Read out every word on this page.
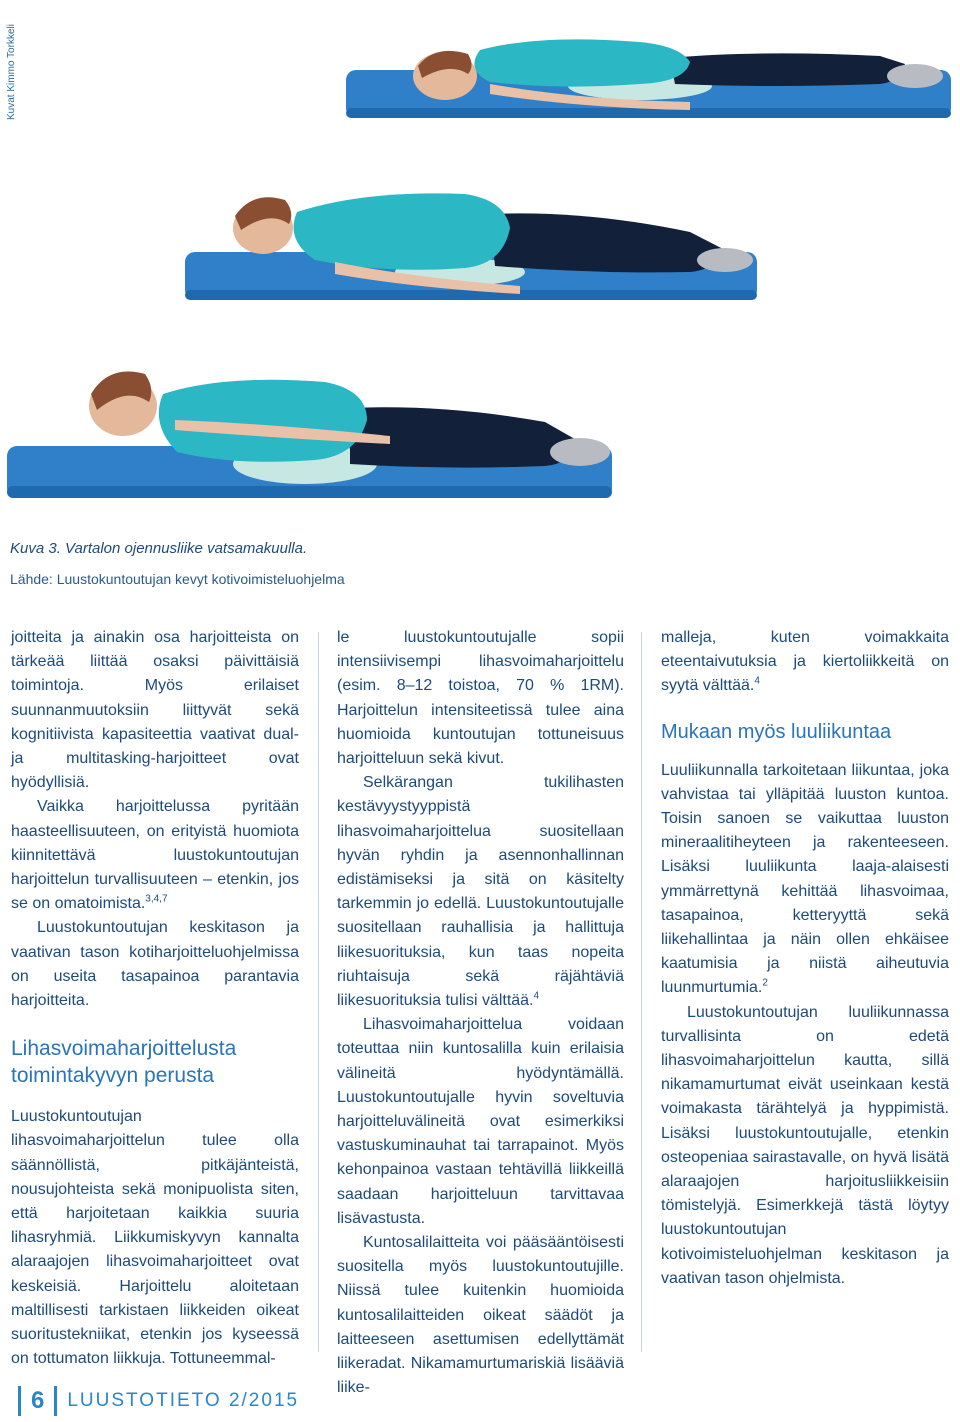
Kuvat Kimmo Torkkeli
Kuva 3. Vartalon ojennusliike vatsamakuulla.
Lähde: Luustokuntoutujan kevyt kotivoimisteluohjelma

joitteita ja ainakin osa harjoitteista on tärkeää liittää osaksi päivittäisiä toimintoja. Myös erilaiset suunnanmuutoksiin liittyvät sekä kognitiivista kapasiteettia vaativat dual- ja multitasking-harjoitteet ovat hyödyllisiä.

Vaikka harjoittelussa pyritään haasteellisuuteen, on erityistä huomiota kiinnitettävä luustokuntoutujan harjoittelun turvallisuuteen – etenkin, jos se on omatoimista.$^{3,4,7}$

Luustokuntoutujan keskitason ja vaativan tason kotiharjoitteluohjelmissa on useita tasapainoa parantavia harjoitteita.

Lihasvoimaharjoittelusta toimintakyvyn perusta

Luustokuntoutujan lihasvoimaharjoittelun tulee olla säännöllistä, pitkäjänteistä, nousujohteista sekä monipuolista siten, että harjoitetaan kaikkia suuria lihasryhmiä. Liikkumiskyvyn kannalta alaraajojen lihasvoimaharjoitteet ovat keskeisiä. Harjoittelu aloitetaan maltillisesti tarkistaen liikkeiden oikeat suoritustekniikat, etenkin jos kyseessä on tottumaton liikkuja. Tottuneemmal-

le luustokuntoutujalle sopii intensiivisempi lihasvoimaharjoittelu (esim. 8–12 toistoa, 70 % 1RM). Harjoittelun intensiteetissä tulee aina huomioida kuntoutujan tottuneisuus harjoitteluun sekä kivut.

Selkärangan tukilihasten kestävyystyyppistä lihasvoimaharjoittelua suositellaan hyvän ryhdin ja asennonhallinnan edistämiseksi ja sitä on käsitelty tarkemmin jo edellä. Luustokuntoutujalle suositellaan rauhallisia ja hallittuja liikesuorituksia, kun taas nopeita riuhtaisuja sekä räjähtäviä liikesuorituksia tulisi välttää.$^4$

Lihasvoimaharjoittelua voidaan toteuttaa niin kuntosalilla kuin erilaisia välineitä hyödyntämällä. Luustokuntoutujalle hyvin soveltuvia harjoitteluvälineitä ovat esimerkiksi vastuskuminauhat tai tarrapainot. Myös kehonpainoa vastaan tehtävillä liikkeillä saadaan harjoitteluun tarvittavaa lisävastusta.

Kuntosalilaitteita voi pääsääntöisesti suositella myös luustokuntoutujille. Niissä tulee kuitenkin huomioida kuntosalilaitteiden oikeat säädöt ja laitteeseen asettumisen edellyttämät liikeradat. Nikamamurtumariskiä lisääviä liike-

malleja, kuten voimakkaita eteentaivutuksia ja kiertoliikkeitä on syytä välttää.$^4$

Mukaan myös luuliikuntaa

Luuliikunnalla tarkoitetaan liikuntaa, joka vahvistaa tai ylläpitää luuston kuntoa. Toisin sanoen se vaikuttaa luuston mineraalitiheyteen ja rakenteeseen. Lisäksi luuliikunta laaja-alaisesti ymmärrettynä kehittää lihasvoimaa, tasapainoa, ketteryyttä sekä liikehallintaa ja näin ollen ehkäisee kaatumisia ja niistä aiheutuvia luunmurtumia.$^2$

Luustokuntoutujan luuliikunnassa turvallisinta on edetä lihasvoimaharjoittelun kautta, sillä nikamamurtumat eivät useinkaan kestä voimakasta tärähtelyä ja hyppimistä. Lisäksi luustokuntoutujalle, etenkin osteopeniaa sairastavalle, on hyvä lisätä alaraajojen harjoitusliikkeisiin tömistelyjä. Esimerkkejä tästä löytyy luustokuntoutujan kotivoimisteluohjelman keskitason ja vaativan tason ohjelmista.

6 LUUSTOTIETO 2/2015
